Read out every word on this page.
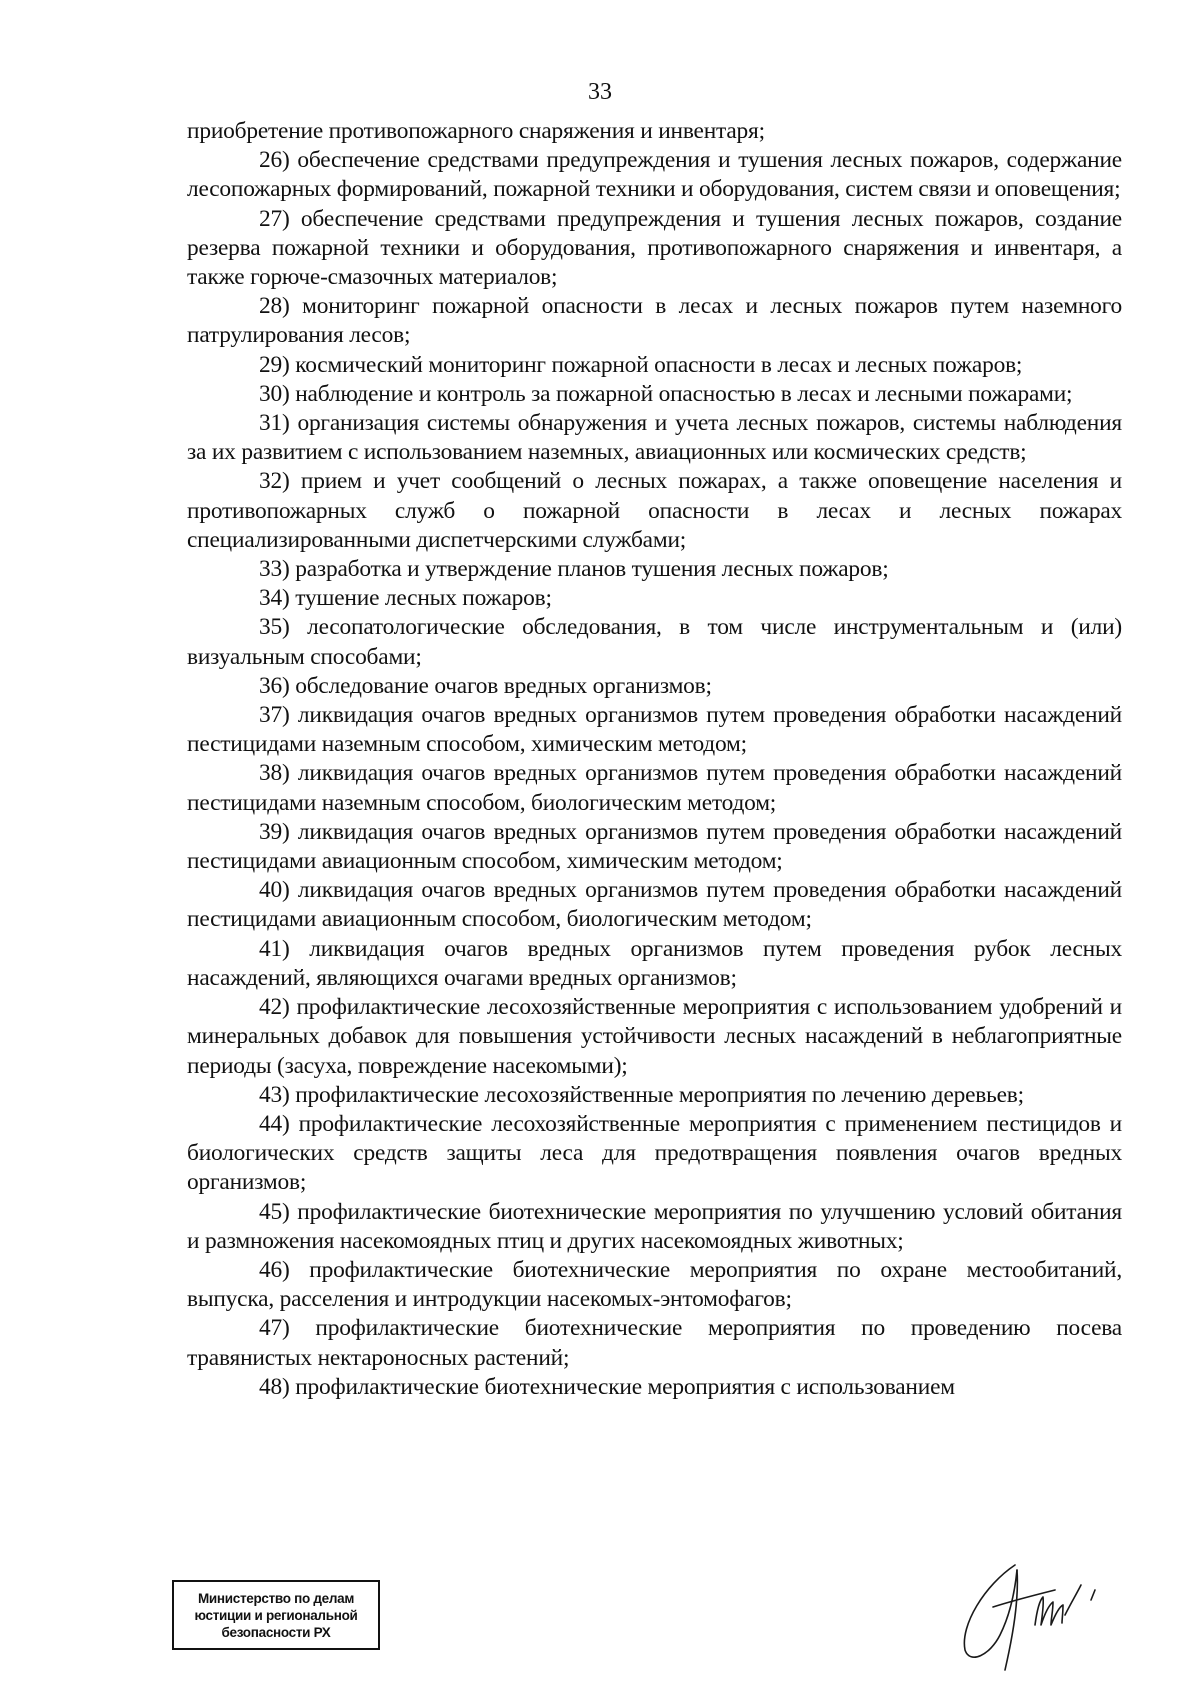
33

приобретение противопожарного снаряжения и инвентаря;

26) обеспечение средствами предупреждения и тушения лесных пожаров, содержание лесопожарных формирований, пожарной техники и оборудования, систем связи и оповещения;

27) обеспечение средствами предупреждения и тушения лесных пожаров, создание резерва пожарной техники и оборудования, противопожарного снаряжения и инвентаря, а также горюче-смазочных материалов;

28) мониторинг пожарной опасности в лесах и лесных пожаров путем наземного патрулирования лесов;

29) космический мониторинг пожарной опасности в лесах и лесных пожаров;

30) наблюдение и контроль за пожарной опасностью в лесах и лесными пожарами;

31) организация системы обнаружения и учета лесных пожаров, системы наблюдения за их развитием с использованием наземных, авиационных или космических средств;

32) прием и учет сообщений о лесных пожарах, а также оповещение населения и противопожарных служб о пожарной опасности в лесах и лесных пожарах специализированными диспетчерскими службами;

33) разработка и утверждение планов тушения лесных пожаров;

34) тушение лесных пожаров;

35) лесопатологические обследования, в том числе инструментальным и (или) визуальным способами;

36) обследование очагов вредных организмов;

37) ликвидация очагов вредных организмов путем проведения обработки насаждений пестицидами наземным способом, химическим методом;

38) ликвидация очагов вредных организмов путем проведения обработки насаждений пестицидами наземным способом, биологическим методом;

39) ликвидация очагов вредных организмов путем проведения обработки насаждений пестицидами авиационным способом, химическим методом;

40) ликвидация очагов вредных организмов путем проведения обработки насаждений пестицидами авиационным способом, биологическим методом;

41) ликвидация очагов вредных организмов путем проведения рубок лесных насаждений, являющихся очагами вредных организмов;

42) профилактические лесохозяйственные мероприятия с использованием удобрений и минеральных добавок для повышения устойчивости лесных насаждений в неблагоприятные периоды (засуха, повреждение насекомыми);

43) профилактические лесохозяйственные мероприятия по лечению деревьев;

44) профилактические лесохозяйственные мероприятия с применением пестицидов и биологических средств защиты леса для предотвращения появления очагов вредных организмов;

45) профилактические биотехнические мероприятия по улучшению условий обитания и размножения насекомоядных птиц и других насекомоядных животных;

46) профилактические биотехнические мероприятия по охране местообитаний, выпуска, расселения и интродукции насекомых-энтомофагов;

47) профилактические биотехнические мероприятия по проведению посева травянистых нектароносных растений;

48) профилактические биотехнические мероприятия с использованием

Министерство по делам
юстиции и региональной
безопасности РХ
